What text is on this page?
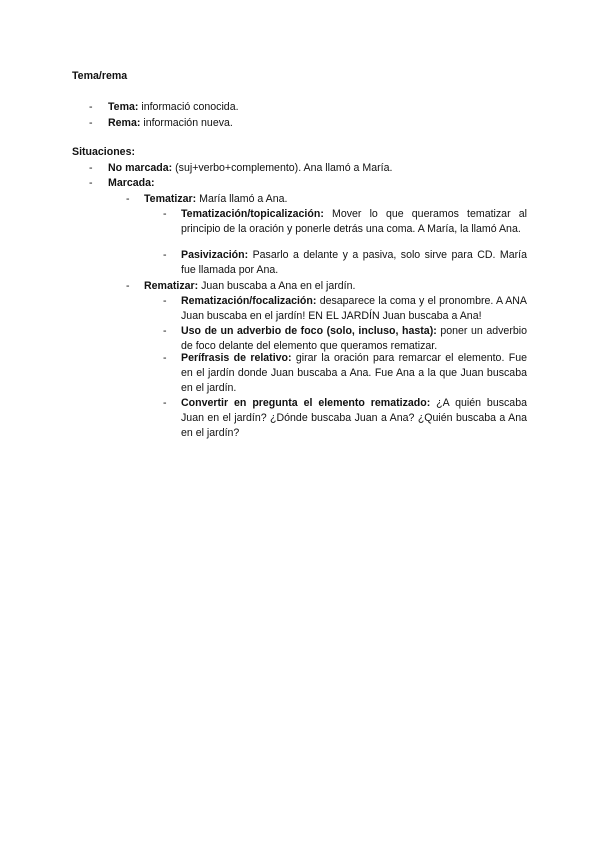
Tema/rema
- Tema: informació conocida.
- Rema: información nueva.
Situaciones:
- No marcada: (suj+verbo+complemento). Ana llamó a María.
- Marcada:
- Tematizar: María llamó a Ana.
- Tematización/topicalización: Mover lo que queramos tematizar al principio de la oración y ponerle detrás una coma. A María, la llamó Ana.
- Pasivización: Pasarlo a delante y a pasiva, solo sirve para CD. María fue llamada por Ana.
- Rematizar: Juan buscaba a Ana en el jardín.
- Rematización/focalización: desaparece la coma y el pronombre. A ANA Juan buscaba en el jardín! EN EL JARDÍN Juan buscaba a Ana!
- Uso de un adverbio de foco (solo, incluso, hasta): poner un adverbio de foco delante del elemento que queramos rematizar.
- Perífrasis de relativo: girar la oración para remarcar el elemento. Fue en el jardín donde Juan buscaba a Ana. Fue Ana a la que Juan buscaba en el jardín.
- Convertir en pregunta el elemento rematizado: ¿A quién buscaba Juan en el jardín? ¿Dónde buscaba Juan a Ana? ¿Quién buscaba a Ana en el jardín?
